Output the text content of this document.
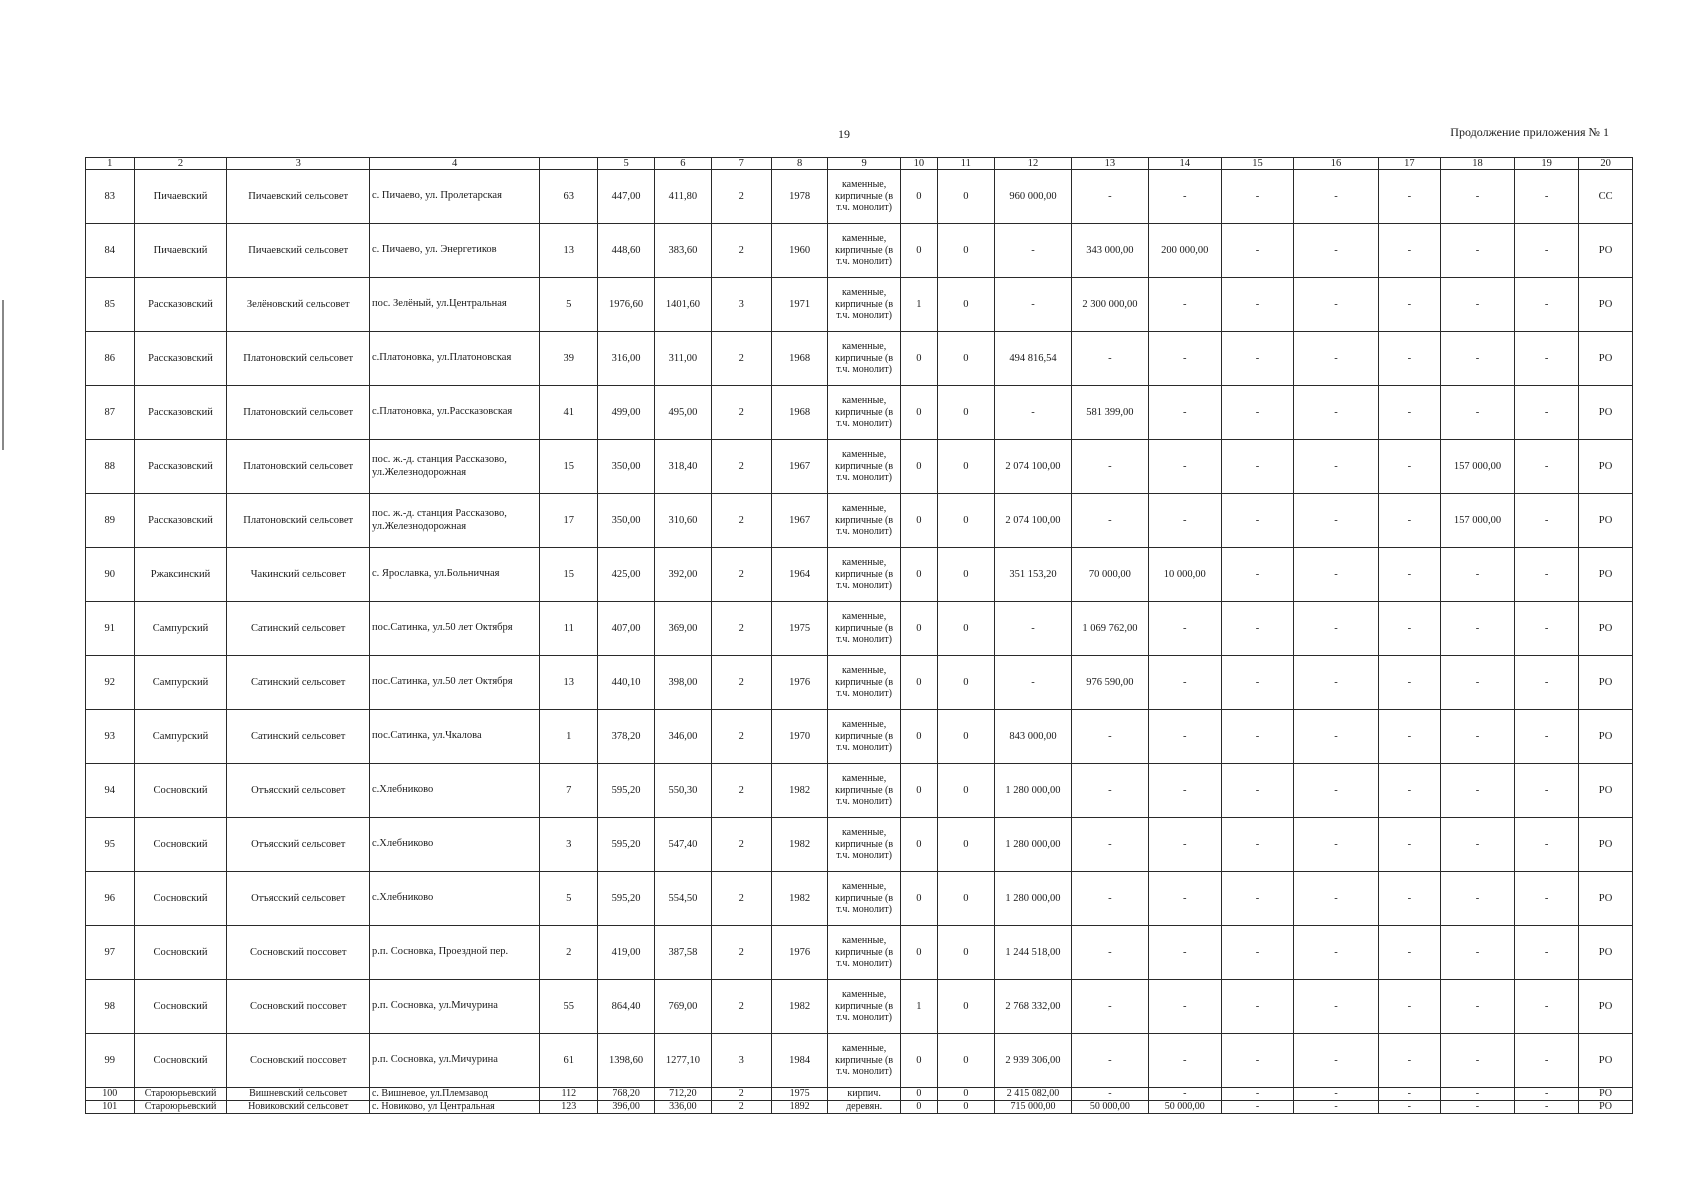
19	Продолжение приложения № 1
1	2	3	4		5	6	7	8	9	10	11	12	13	14	15	16	17	18	19	20
83	Пичаевский	Пичаевский сельсовет	с. Пичаево, ул. Пролетарская	63	447,00	411,80	2	1978	каменные, кирпичные (в т.ч. монолит)	0	0	960 000,00	-	-	-	-	-	-	-	СС
84	Пичаевский	Пичаевский сельсовет	с. Пичаево, ул. Энергетиков	13	448,60	383,60	2	1960	каменные, кирпичные (в т.ч. монолит)	0	0	-	343 000,00	200 000,00	-	-	-	-	-	РО
85	Рассказовский	Зелёновский сельсовет	пос. Зелёный, ул.Центральная	5	1976,60	1401,60	3	1971	каменные, кирпичные (в т.ч. монолит)	1	0	-	2 300 000,00	-	-	-	-	-	-	РО
86	Рассказовский	Платоновский сельсовет	с.Платоновка, ул.Платоновская	39	316,00	311,00	2	1968	каменные, кирпичные (в т.ч. монолит)	0	0	494 816,54	-	-	-	-	-	-	-	РО
87	Рассказовский	Платоновский сельсовет	с.Платоновка, ул.Рассказовская	41	499,00	495,00	2	1968	каменные, кирпичные (в т.ч. монолит)	0	0	-	581 399,00	-	-	-	-	-	-	РО
88	Рассказовский	Платоновский сельсовет	пос. ж.-д. станция Рассказово, ул.Железнодорожная	15	350,00	318,40	2	1967	каменные, кирпичные (в т.ч. монолит)	0	0	2 074 100,00	-	-	-	-	-	157 000,00	-	РО
89	Рассказовский	Платоновский сельсовет	пос. ж.-д. станция Рассказово, ул.Железнодорожная	17	350,00	310,60	2	1967	каменные, кирпичные (в т.ч. монолит)	0	0	2 074 100,00	-	-	-	-	-	157 000,00	-	РО
90	Ржаксинский	Чакинский сельсовет	с. Ярославка, ул.Больничная	15	425,00	392,00	2	1964	каменные, кирпичные (в т.ч. монолит)	0	0	351 153,20	70 000,00	10 000,00	-	-	-	-	-	РО
91	Сампурский	Сатинский сельсовет	пос.Сатинка, ул.50 лет Октября	11	407,00	369,00	2	1975	каменные, кирпичные (в т.ч. монолит)	0	0	-	1 069 762,00	-	-	-	-	-	-	РО
92	Сампурский	Сатинский сельсовет	пос.Сатинка, ул.50 лет Октября	13	440,10	398,00	2	1976	каменные, кирпичные (в т.ч. монолит)	0	0	-	976 590,00	-	-	-	-	-	-	РО
93	Сампурский	Сатинский сельсовет	пос.Сатинка, ул.Чкалова	1	378,20	346,00	2	1970	каменные, кирпичные (в т.ч. монолит)	0	0	843 000,00	-	-	-	-	-	-	-	РО
94	Сосновский	Отъясский сельсовет	с.Хлебниково	7	595,20	550,30	2	1982	каменные, кирпичные (в т.ч. монолит)	0	0	1 280 000,00	-	-	-	-	-	-	-	РО
95	Сосновский	Отъясский сельсовет	с.Хлебниково	3	595,20	547,40	2	1982	каменные, кирпичные (в т.ч. монолит)	0	0	1 280 000,00	-	-	-	-	-	-	-	РО
96	Сосновский	Отъясский сельсовет	с.Хлебниково	5	595,20	554,50	2	1982	каменные, кирпичные (в т.ч. монолит)	0	0	1 280 000,00	-	-	-	-	-	-	-	РО
97	Сосновский	Сосновский поссовет	р.п. Сосновка, Проездной пер.	2	419,00	387,58	2	1976	каменные, кирпичные (в т.ч. монолит)	0	0	1 244 518,00	-	-	-	-	-	-	-	РО
98	Сосновский	Сосновский поссовет	р.п. Сосновка, ул.Мичурина	55	864,40	769,00	2	1982	каменные, кирпичные (в т.ч. монолит)	1	0	2 768 332,00	-	-	-	-	-	-	-	РО
99	Сосновский	Сосновский поссовет	р.п. Сосновка, ул.Мичурина	61	1398,60	1277,10	3	1984	каменные, кирпичные (в т.ч. монолит)	0	0	2 939 306,00	-	-	-	-	-	-	-	РО
100	Староюрьевский	Вишневский сельсовет	с. Вишневое, ул.Племзавод	112	768,20	712,20	2	1975	кирпич.	0	0	2 415 082,00	-	-	-	-	-	-	-	РО
101	Староюрьевский	Новиковский сельсовет	с. Новиково, ул Центральная	123	396,00	336,00	2	1892	деревян.	0	0	715 000,00	50 000,00	50 000,00	-	-	-	-	-	РО
